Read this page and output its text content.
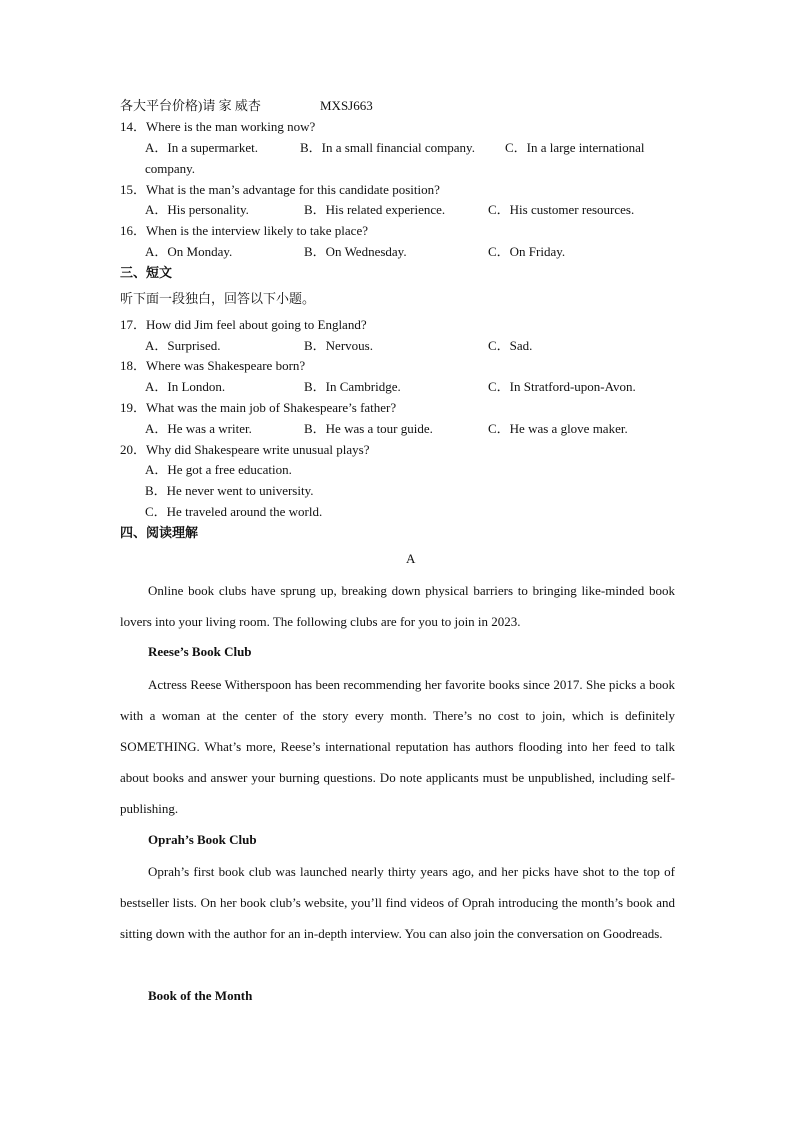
各大平台价格)请 家 威杏	MXSJ663
14．Where is the man working now?
A．In a supermarket.	B．In a small financial company. C．In a large international
company.
15．What is the man’s advantage for this candidate position?
A．His personality.	B．His related experience.	C．His customer resources.
16．When is the interview likely to take place?
A．On Monday.	B．On Wednesday.	C．On Friday.
三、短文
听下面一段独白，回答以下小题。
17．How did Jim feel about going to England?
A．Surprised.	B．Nervous.	C．Sad.
18．Where was Shakespeare born?
A．In London.	B．In Cambridge.	C．In Stratford-upon-Avon.
19．What was the main job of Shakespeare’s father?
A．He was a writer.	B．He was a tour guide.	C．He was a glove maker.
20．Why did Shakespeare write unusual plays?
A．He got a free education.
B．He never went to university.
C．He traveled around the world.
四、阅读理解
A
Online book clubs have sprung up, breaking down physical barriers to bringing like-minded book lovers into your living room. The following clubs are for you to join in 2023.
Reese’s Book Club
Actress Reese Witherspoon has been recommending her favorite books since 2017. She picks a book with a woman at the center of the story every month. There’s no cost to join, which is definitely SOMETHING. What’s more, Reese’s international reputation has authors flooding into her feed to talk about books and answer your burning questions. Do note applicants must be unpublished, including self-publishing.
Oprah’s Book Club
Oprah’s first book club was launched nearly thirty years ago, and her picks have shot to the top of bestseller lists. On her book club’s website, you’ll find videos of Oprah introducing the month’s book and sitting down with the author for an in-depth interview. You can also join the conversation on Goodreads.
Book of the Month
